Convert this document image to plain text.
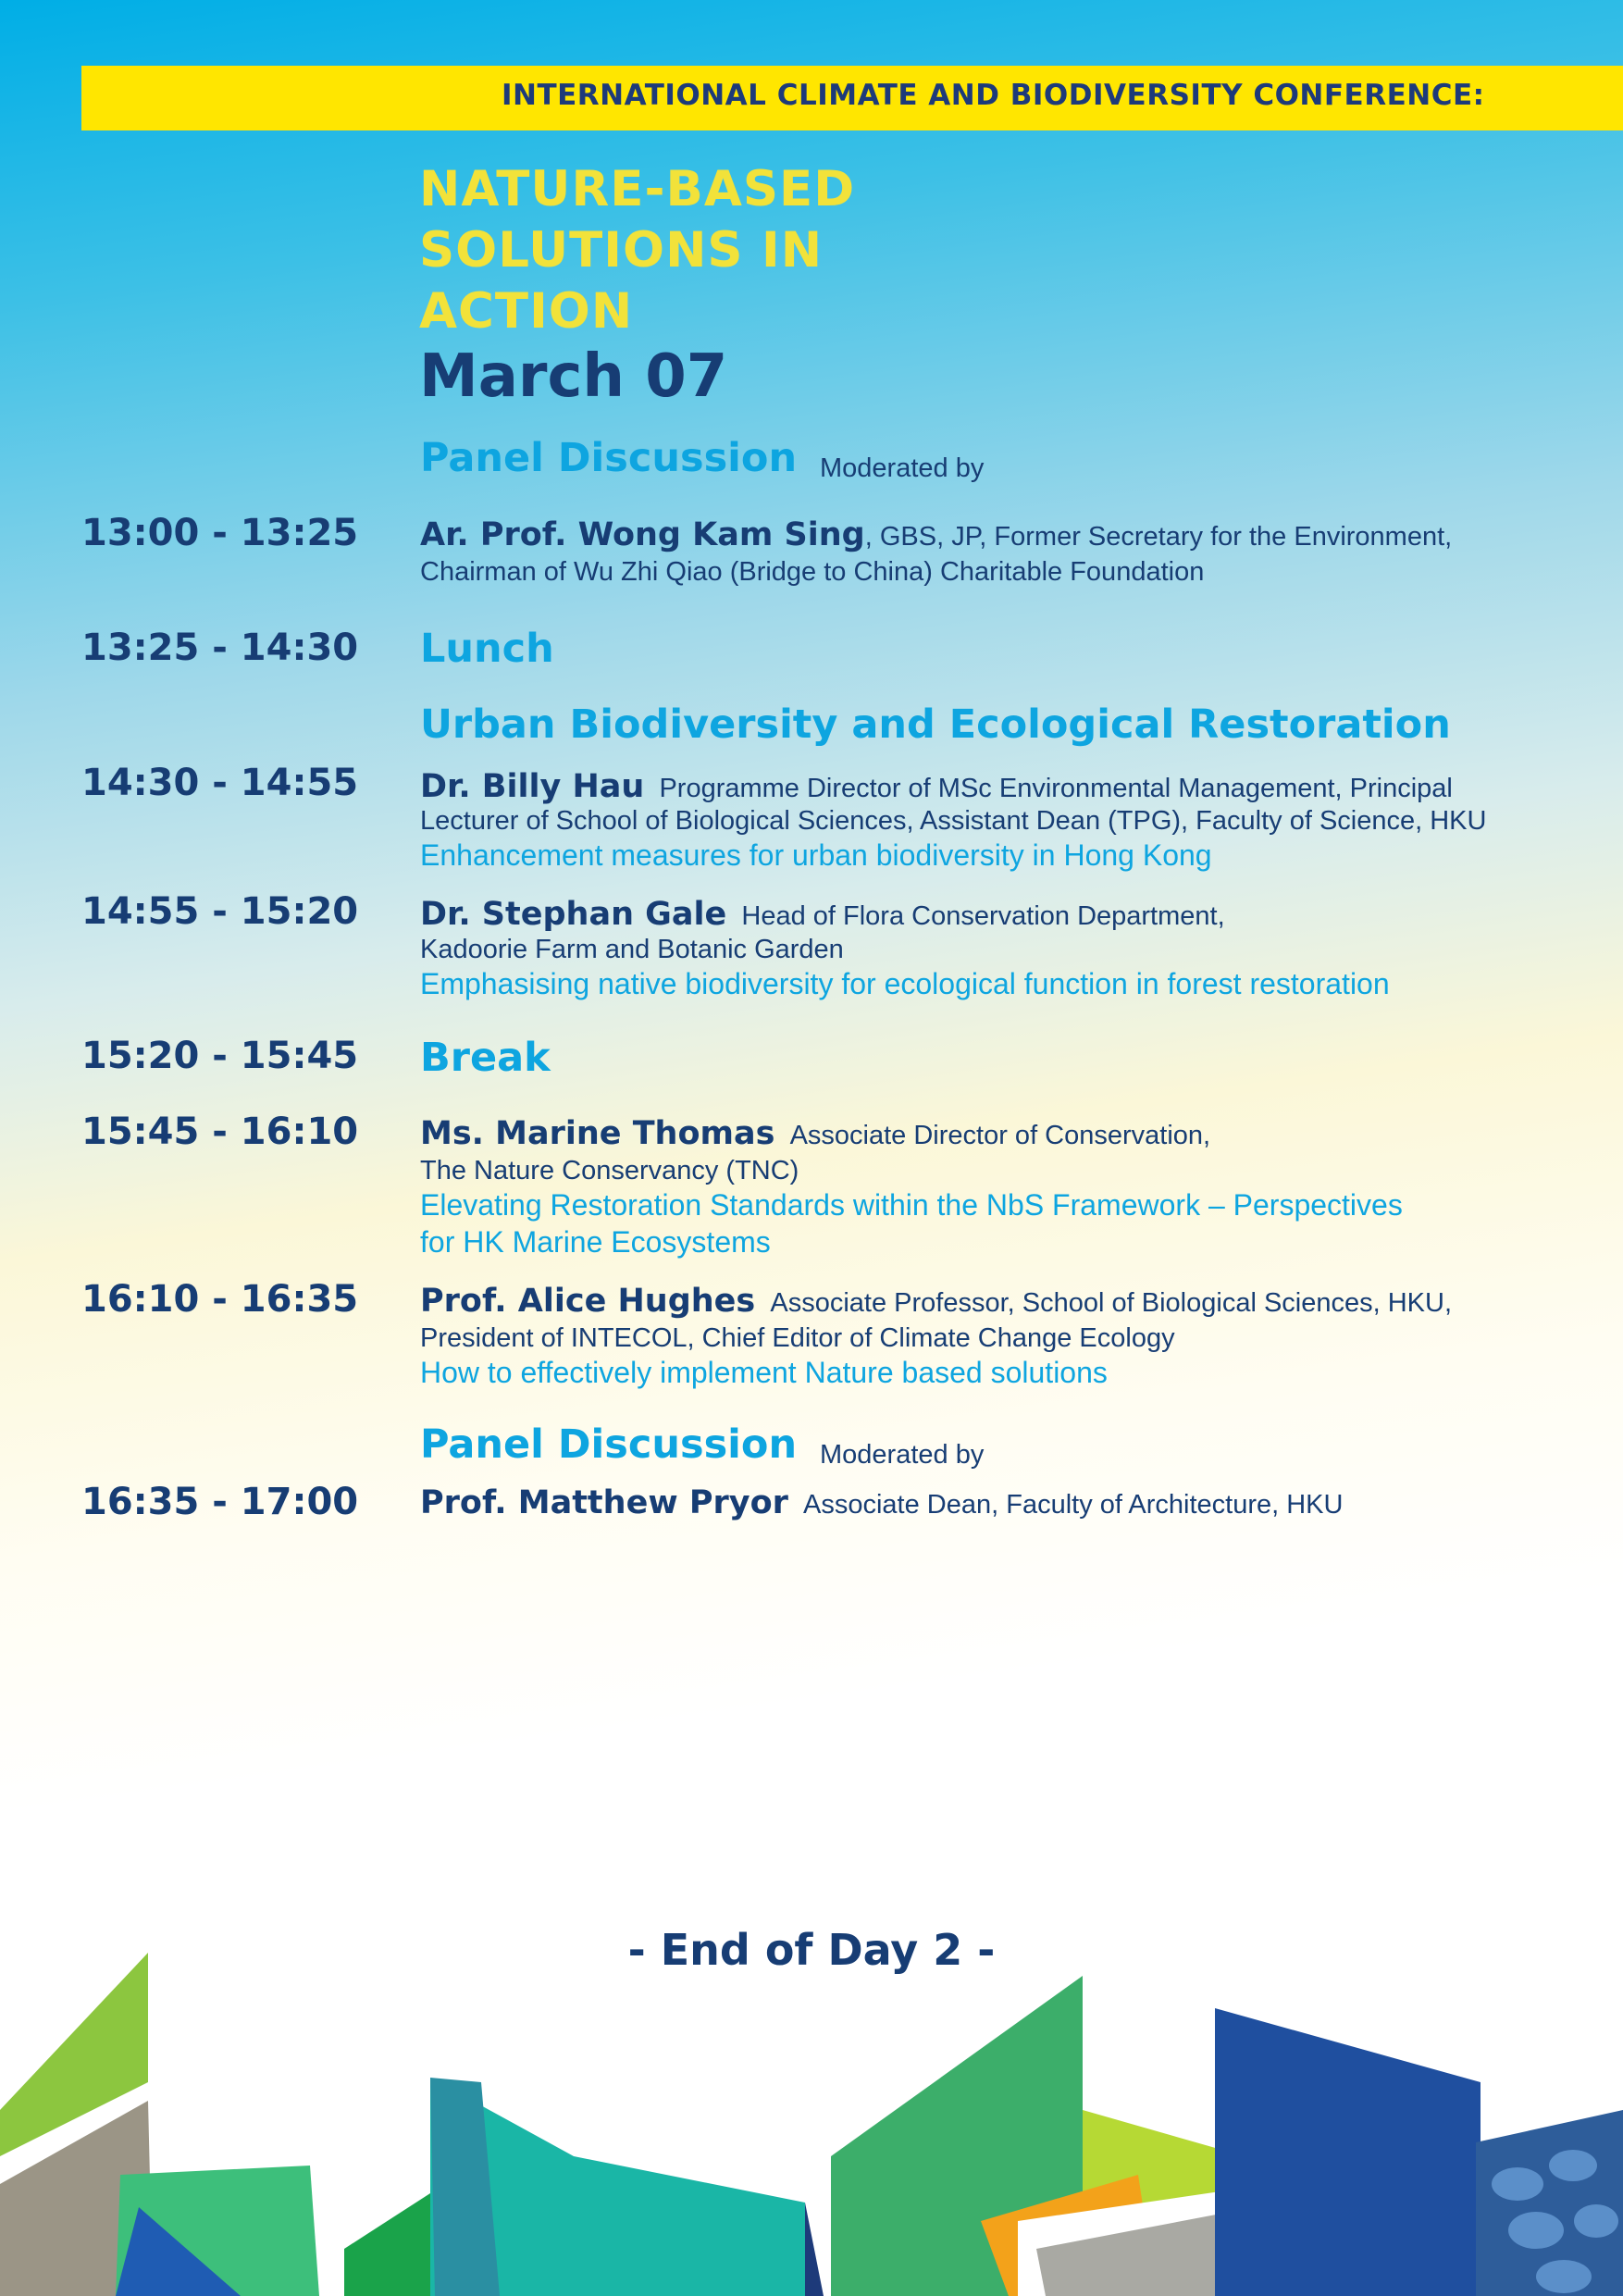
INTERNATIONAL CLIMATE AND BIODIVERSITY CONFERENCE:
NATURE-BASED
SOLUTIONS IN
ACTION
March 07
Panel Discussion Moderated by
13:00 - 13:25 Ar. Prof. Wong Kam Sing, GBS, JP, Former Secretary for the Environment,
Chairman of Wu Zhi Qiao (Bridge to China) Charitable Foundation
13:25 - 14:30 Lunch
Urban Biodiversity and Ecological Restoration
14:30 - 14:55 Dr. Billy Hau Programme Director of MSc Environmental Management, Principal
Lecturer of School of Biological Sciences, Assistant Dean (TPG), Faculty of Science, HKU
Enhancement measures for urban biodiversity in Hong Kong
14:55 - 15:20 Dr. Stephan Gale Head of Flora Conservation Department,
Kadoorie Farm and Botanic Garden
Emphasising native biodiversity for ecological function in forest restoration
15:20 - 15:45 Break
15:45 - 16:10 Ms. Marine Thomas Associate Director of Conservation,
The Nature Conservancy (TNC)
Elevating Restoration Standards within the NbS Framework – Perspectives
for HK Marine Ecosystems
16:10 - 16:35 Prof. Alice Hughes Associate Professor, School of Biological Sciences, HKU,
President of INTECOL, Chief Editor of Climate Change Ecology
How to effectively implement Nature based solutions
Panel Discussion Moderated by
16:35 - 17:00 Prof. Matthew Pryor Associate Dean, Faculty of Architecture, HKU
- End of Day 2 -
